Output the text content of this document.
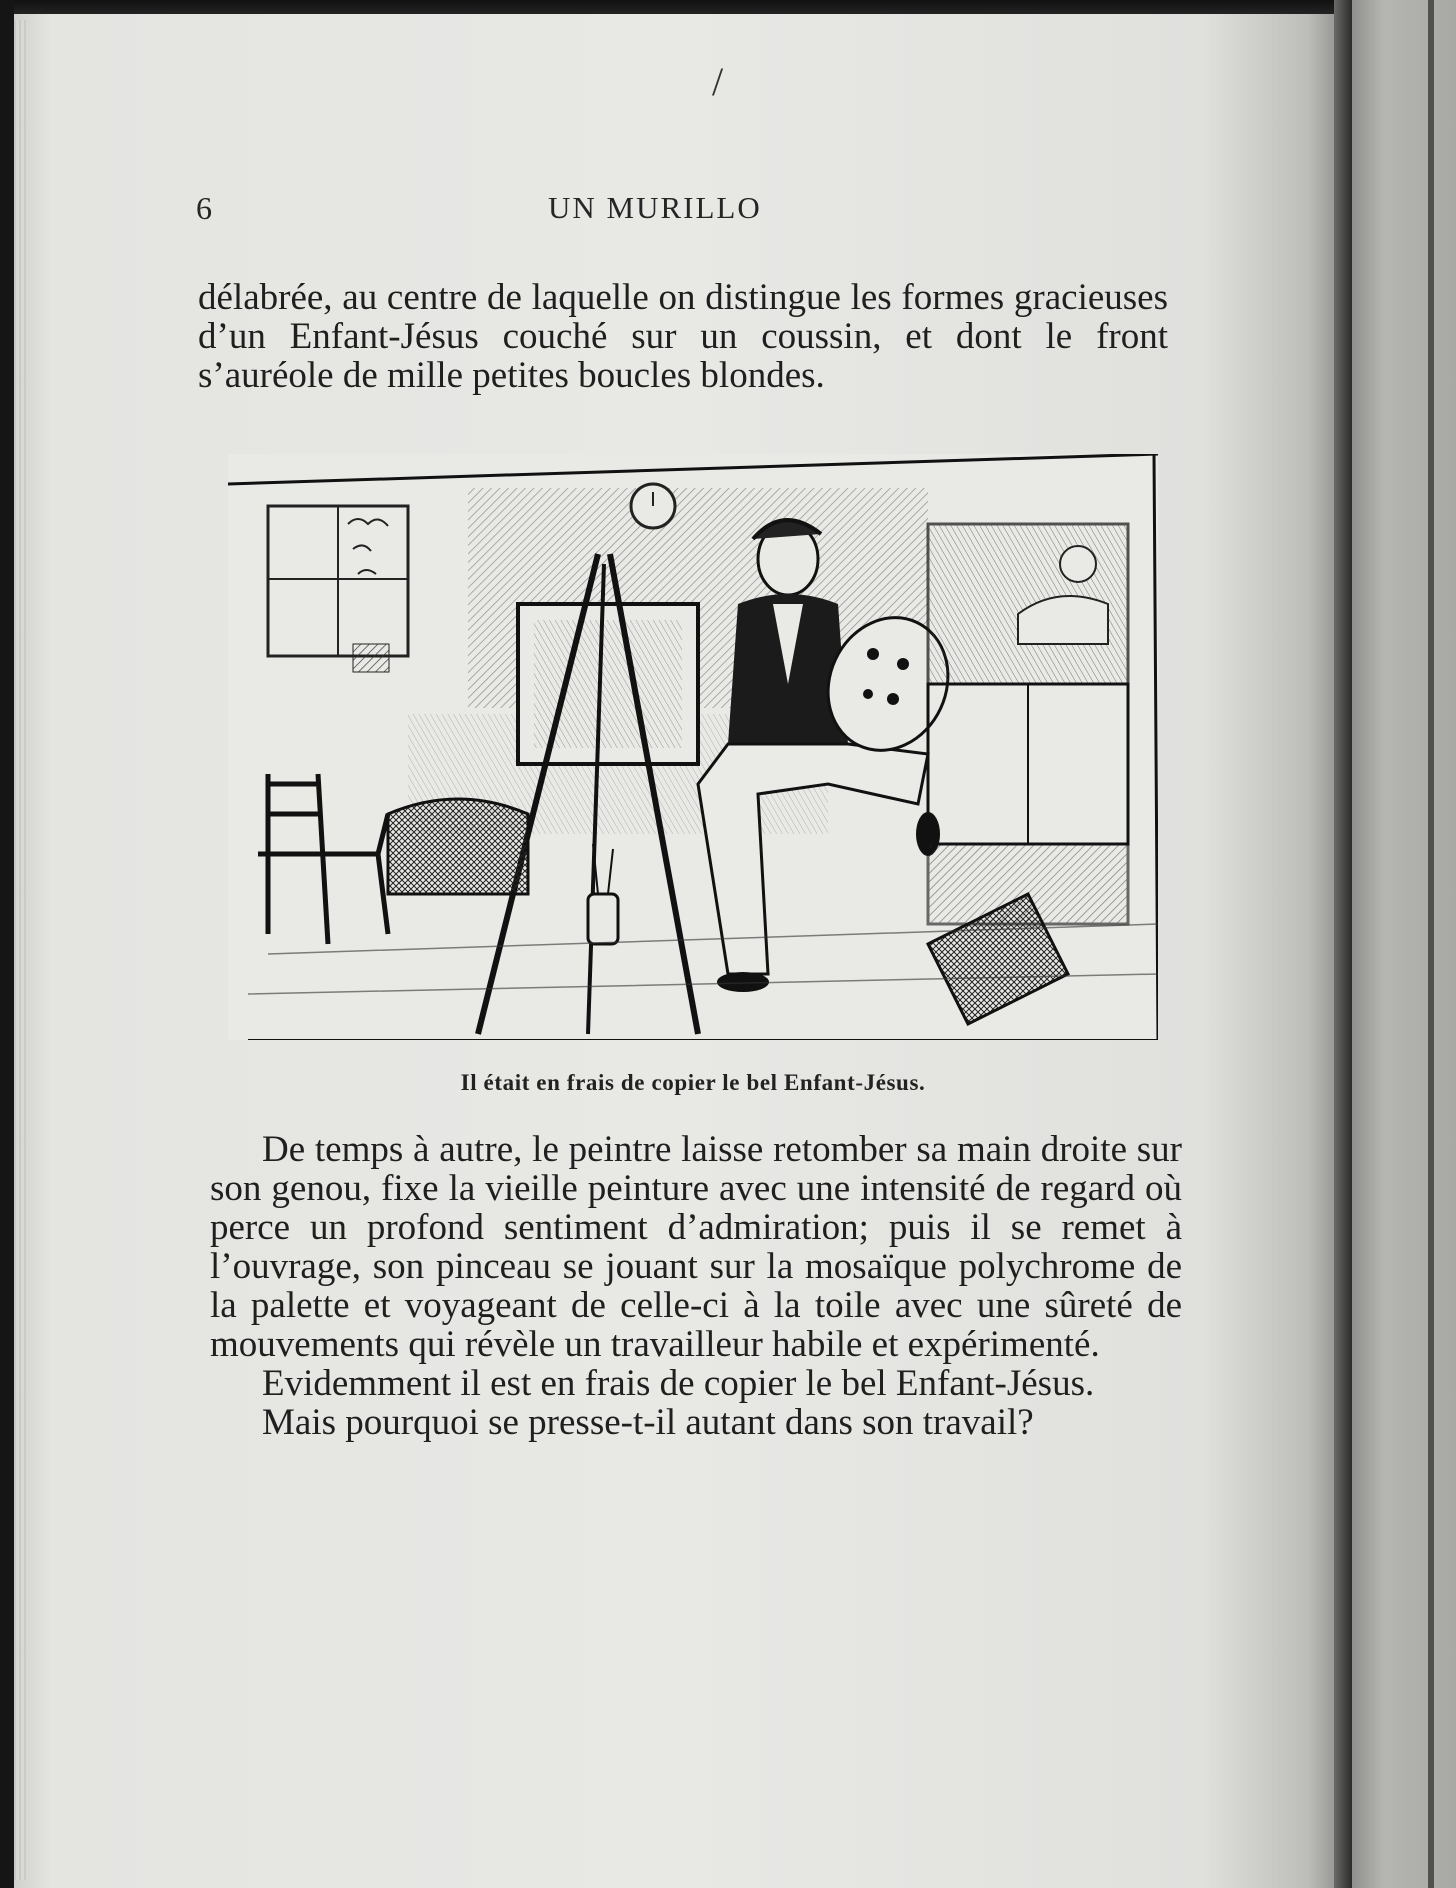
/
6	UN MURILLO

délabrée, au centre de laquelle on distingue les formes gracieuses d’un Enfant-Jésus couché sur un coussin, et dont le front s’auréole de mille petites boucles blondes.

Il était en frais de copier le bel Enfant-Jésus.

De temps à autre, le peintre laisse retomber sa main droite sur son genou, fixe la vieille peinture avec une intensité de regard où perce un profond sentiment d’admiration; puis il se remet à l’ouvrage, son pinceau se jouant sur la mosaïque polychrome de la palette et voyageant de celle-ci à la toile avec une sûreté de mouvements qui révèle un travailleur habile et expérimenté.

Evidemment il est en frais de copier le bel Enfant-Jésus.

Mais pourquoi se presse-t-il autant dans son travail?
